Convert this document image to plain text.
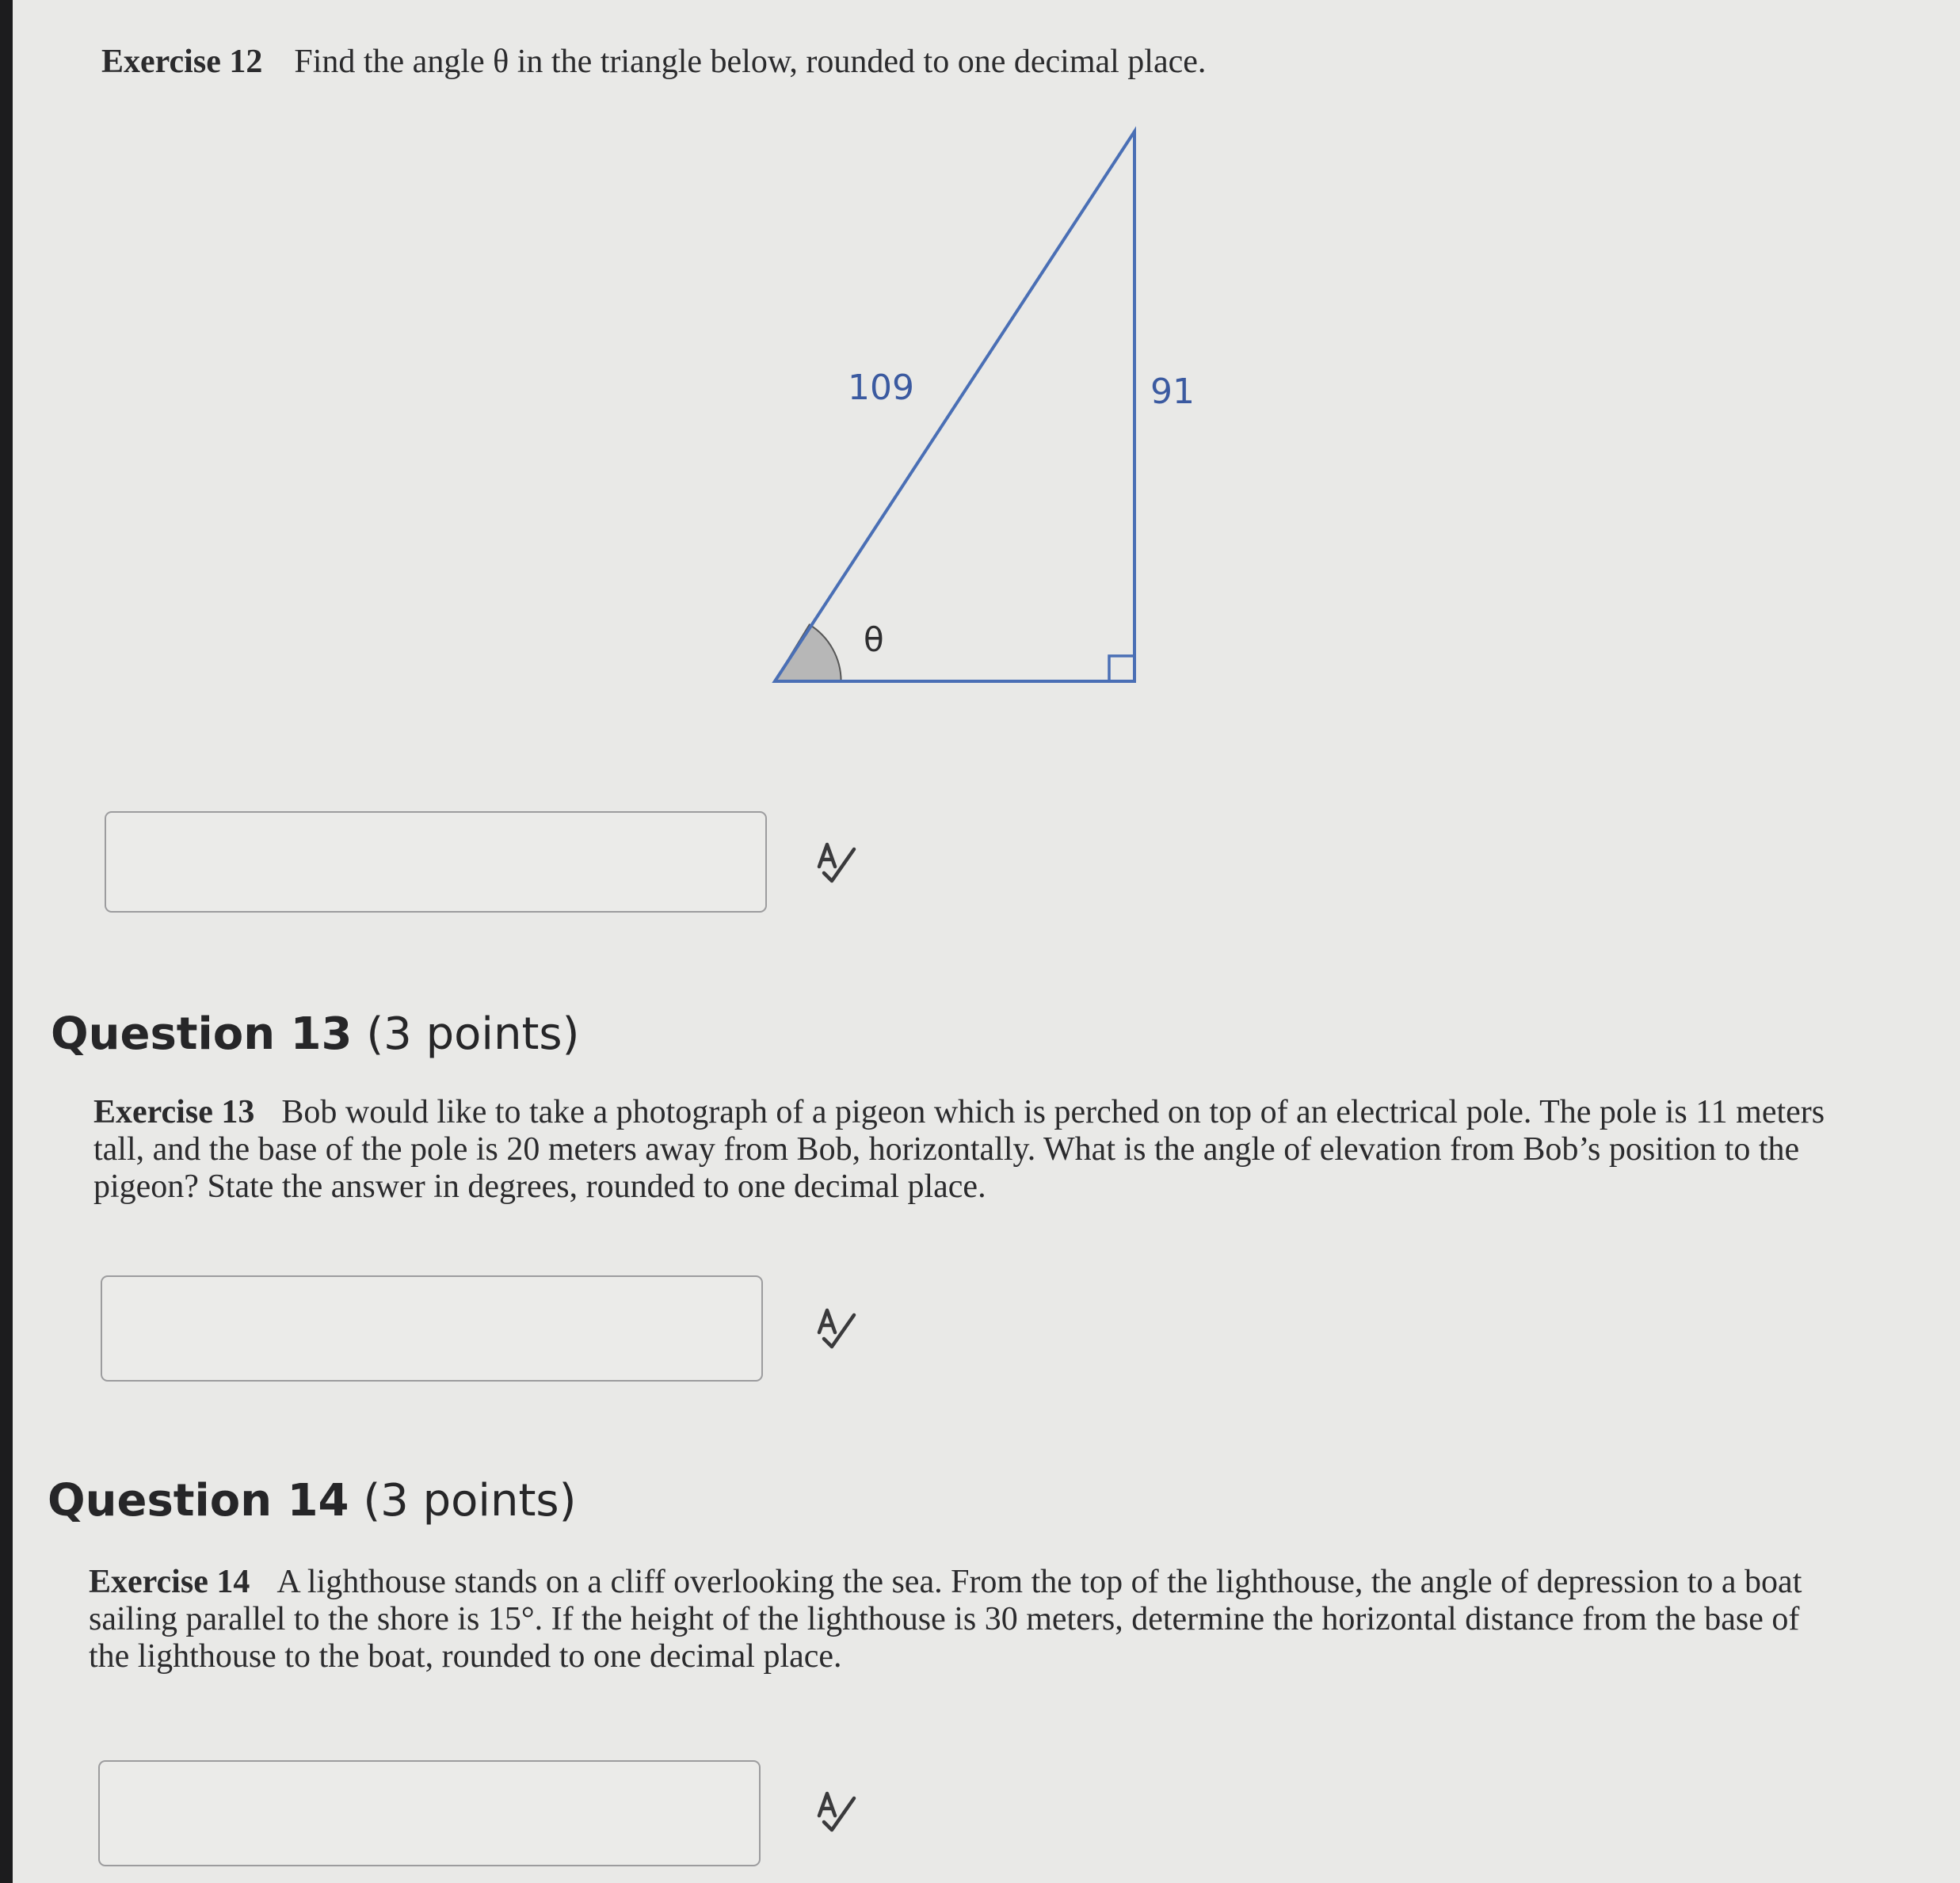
Exercise 12 Find the angle θ in the triangle below, rounded to one decimal place.
109	91
θ
Question 13 (3 points)
Exercise 13 Bob would like to take a photograph of a pigeon which is perched on top of an electrical pole. The pole is 11 meters tall, and the base of the pole is 20 meters away from Bob, horizontally. What is the angle of elevation from Bob’s position to the pigeon? State the answer in degrees, rounded to one decimal place.
Question 14 (3 points)
Exercise 14 A lighthouse stands on a cliff overlooking the sea. From the top of the lighthouse, the angle of depression to a boat sailing parallel to the shore is 15°. If the height of the lighthouse is 30 meters, determine the horizontal distance from the base of the lighthouse to the boat, rounded to one decimal place.
